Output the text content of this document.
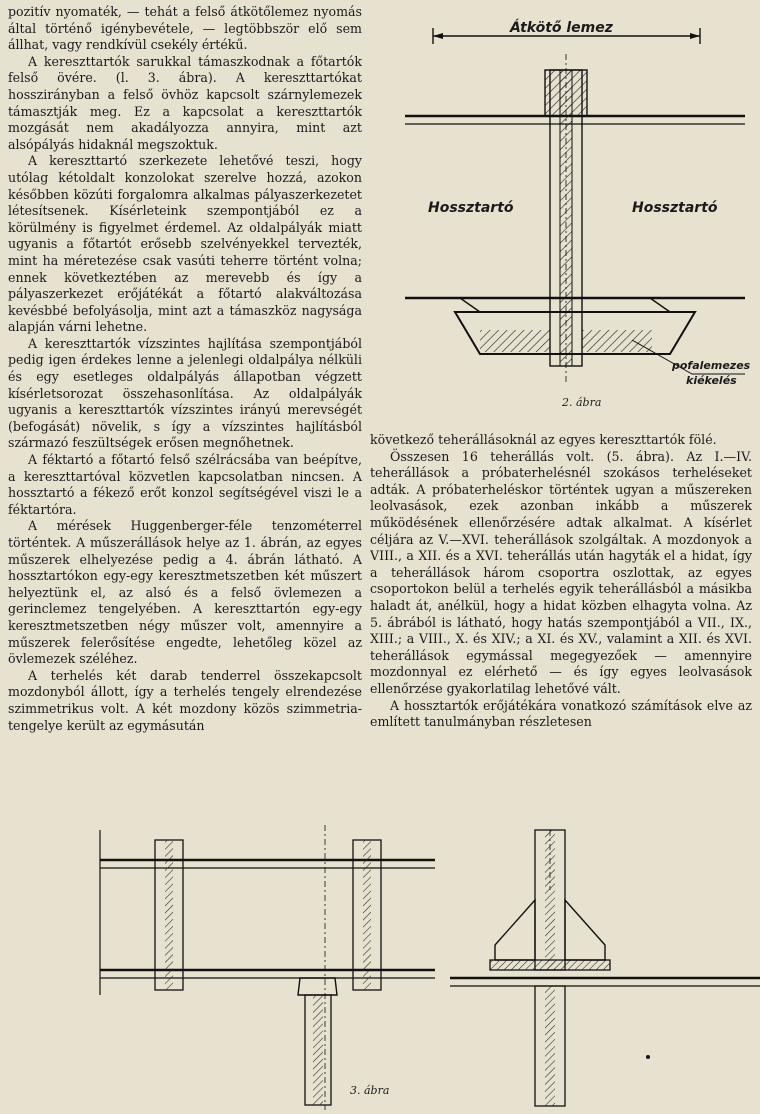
pozitív nyomaték, — tehát a felső átkötőlemez nyomás által történő igénybevétele, — legtöbbször elő sem állhat, vagy rendkívül csekély értékű.

A kereszttartók sarukkal támaszkodnak a főtartók felső övére. (l. 3. ábra). A kereszttartókat hosszirányban a felső övhöz kapcsolt szárnylemezek támasztják meg. Ez a kapcsolat a kereszttartók mozgását nem akadályozza annyira, mint azt alsópályás hidaknál megszoktuk.

A kereszttartó szerkezete lehetővé teszi, hogy utólag kétoldalt konzolokat szerelve hozzá, azokon későbben közúti forgalomra alkalmas pályaszerkezetet létesítsenek. Kísérleteink szempontjából ez a körülmény is figyelmet érdemel. Az oldalpályák miatt ugyanis a főtartót erősebb szelvényekkel tervezték, mint ha méretezése csak vasúti teherre történt volna; ennek következtében az merevebb és így a pályaszerkezet erőjátékát a főtartó alakváltozása kevésbbé befolyásolja, mint azt a támaszköz nagysága alapján várni lehetne.

A kereszttartók vízszintes hajlítása szempontjából pedig igen érdekes lenne a jelenlegi oldalpálya nélküli és egy esetleges oldalpályás állapotban végzett kísérletsorozat összehasonlítása. Az oldalpályák ugyanis a kereszttartók vízszintes irányú merevségét (befogását) növelik, s így a vízszintes hajlításból származó feszültségek erősen megnőhetnek.

A féktartó a főtartó felső szélrácsába van beépítve, a kereszttartóval közvetlen kapcsolatban nincsen. A hossztartó a fékező erőt konzol segítségével viszi le a féktartóra.

A mérések Huggenberger-féle tenzométerrel történtek. A műszerállások helye az 1. ábrán, az egyes műszerek elhelyezése pedig a 4. ábrán látható. A hossztartókon egy-egy keresztmetszetben két műszert helyeztünk el, az alsó és a felső övlemezen a gerinclemez tengelyében. A kereszttartón egy-egy keresztmetszetben négy műszer volt, amennyire a műszerek felerősítése engedte, lehetőleg közel az övlemezek széléhez.

A terhelés két darab tenderrel összekapcsolt mozdonyból állott, így a terhelés tengely elrendezése szimmetrikus volt. A két mozdony közös szimmetria-tengelye került az egymásután

Átkötő lemez
Hossztartó	Hossztartó
pofalemezes
kiékelés
2. ábra

következő teherállásoknál az egyes kereszttartók fölé.

Összesen 16 teherállás volt. (5. ábra). Az I.—IV. teherállások a próbaterhelésnél szokásos terheléseket adták. A próbaterheléskor történtek ugyan a műszereken leolvasások, ezek azonban inkább a műszerek működésének ellenőrzésére adtak alkalmat. A kísérlet céljára az V.—XVI. teherállások szolgáltak. A mozdonyok a VIII., a XII. és a XVI. teherállás után hagyták el a hidat, így a teherállások három csoportra oszlottak, az egyes csoportokon belül a terhelés egyik teherállásból a másikba haladt át, anélkül, hogy a hidat közben elhagyta volna. Az 5. ábrából is látható, hogy hatás szempontjából a VII., IX., XIII.; a VIII., X. és XIV.; a XI. és XV., valamint a XII. és XVI. teherállások egymással megegyezőek — amennyire mozdonnyal ez elérhető — és így egyes leolvasások ellenőrzése gyakorlatilag lehetővé vált.

A hossztartók erőjátékára vonatkozó számítások elve az említett tanulmányban részletesen

3. ábra
